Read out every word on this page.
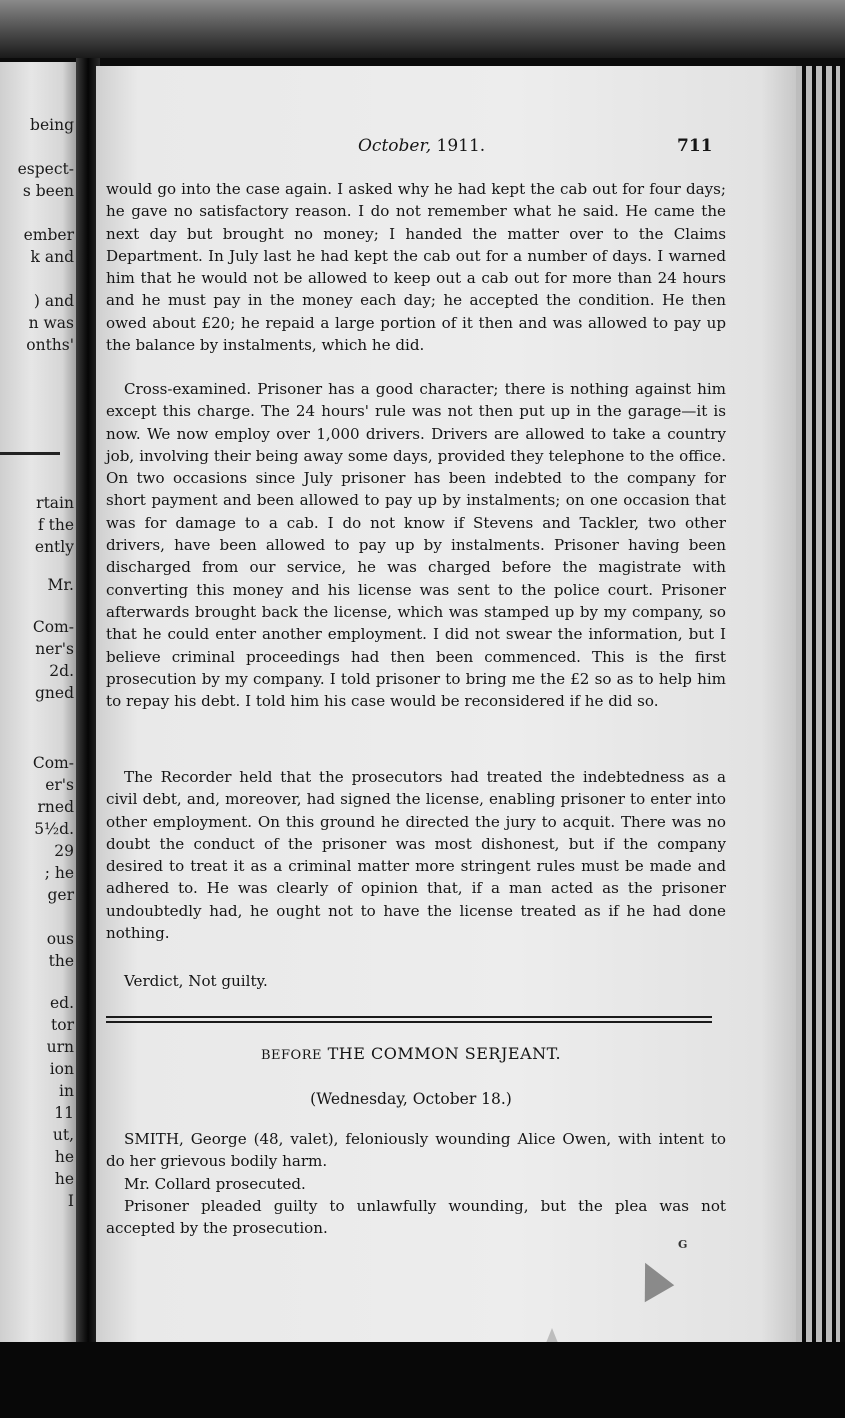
being
espect-
s been
ember
k and
) and
n was
onths'
rtain
f the
ently
Mr.
Com-
ner's
2d.
gned
Com-
er's
rned
5½d.
29
; he
ger
ous
the
ed.
tor
urn
ion
in
11
ut,
he
he
I
October, 1911.	711

would go into the case again. I asked why he had kept the cab out for four days; he gave no satisfactory reason. I do not remember what he said. He came the next day but brought no money; I handed the matter over to the Claims Department. In July last he had kept the cab out for a number of days. I warned him that he would not be allowed to keep out a cab out for more than 24 hours and he must pay in the money each day; he accepted the condition. He then owed about £20; he repaid a large portion of it then and was allowed to pay up the balance by instalments, which he did.

Cross-examined. Prisoner has a good character; there is nothing against him except this charge. The 24 hours' rule was not then put up in the garage—it is now. We now employ over 1,000 drivers. Drivers are allowed to take a country job, involving their being away some days, provided they telephone to the office. On two occasions since July prisoner has been indebted to the company for short payment and been allowed to pay up by instalments; on one occasion that was for damage to a cab. I do not know if Stevens and Tackler, two other drivers, have been allowed to pay up by instalments. Prisoner having been discharged from our service, he was charged before the magistrate with converting this money and his license was sent to the police court. Prisoner afterwards brought back the license, which was stamped up by my company, so that he could enter another employment. I did not swear the information, but I believe criminal proceedings had then been commenced. This is the first prosecution by my company. I told prisoner to bring me the £2 so as to help him to repay his debt. I told him his case would be reconsidered if he did so.

The Recorder held that the prosecutors had treated the indebtedness as a civil debt, and, moreover, had signed the license, enabling prisoner to enter into other employment. On this ground he directed the jury to acquit. There was no doubt the conduct of the prisoner was most dishonest, but if the company desired to treat it as a criminal matter more stringent rules must be made and adhered to. He was clearly of opinion that, if a man acted as the prisoner undoubtedly had, he ought not to have the license treated as if he had done nothing.

Verdict, Not guilty.

BEFORE THE COMMON SERJEANT.
(Wednesday, October 18.)

SMITH, George (48, valet), feloniously wounding Alice Owen, with intent to do her grievous bodily harm.

Mr. Collard prosecuted.

Prisoner pleaded guilty to unlawfully wounding, but the plea was not accepted by the prosecution.

G
